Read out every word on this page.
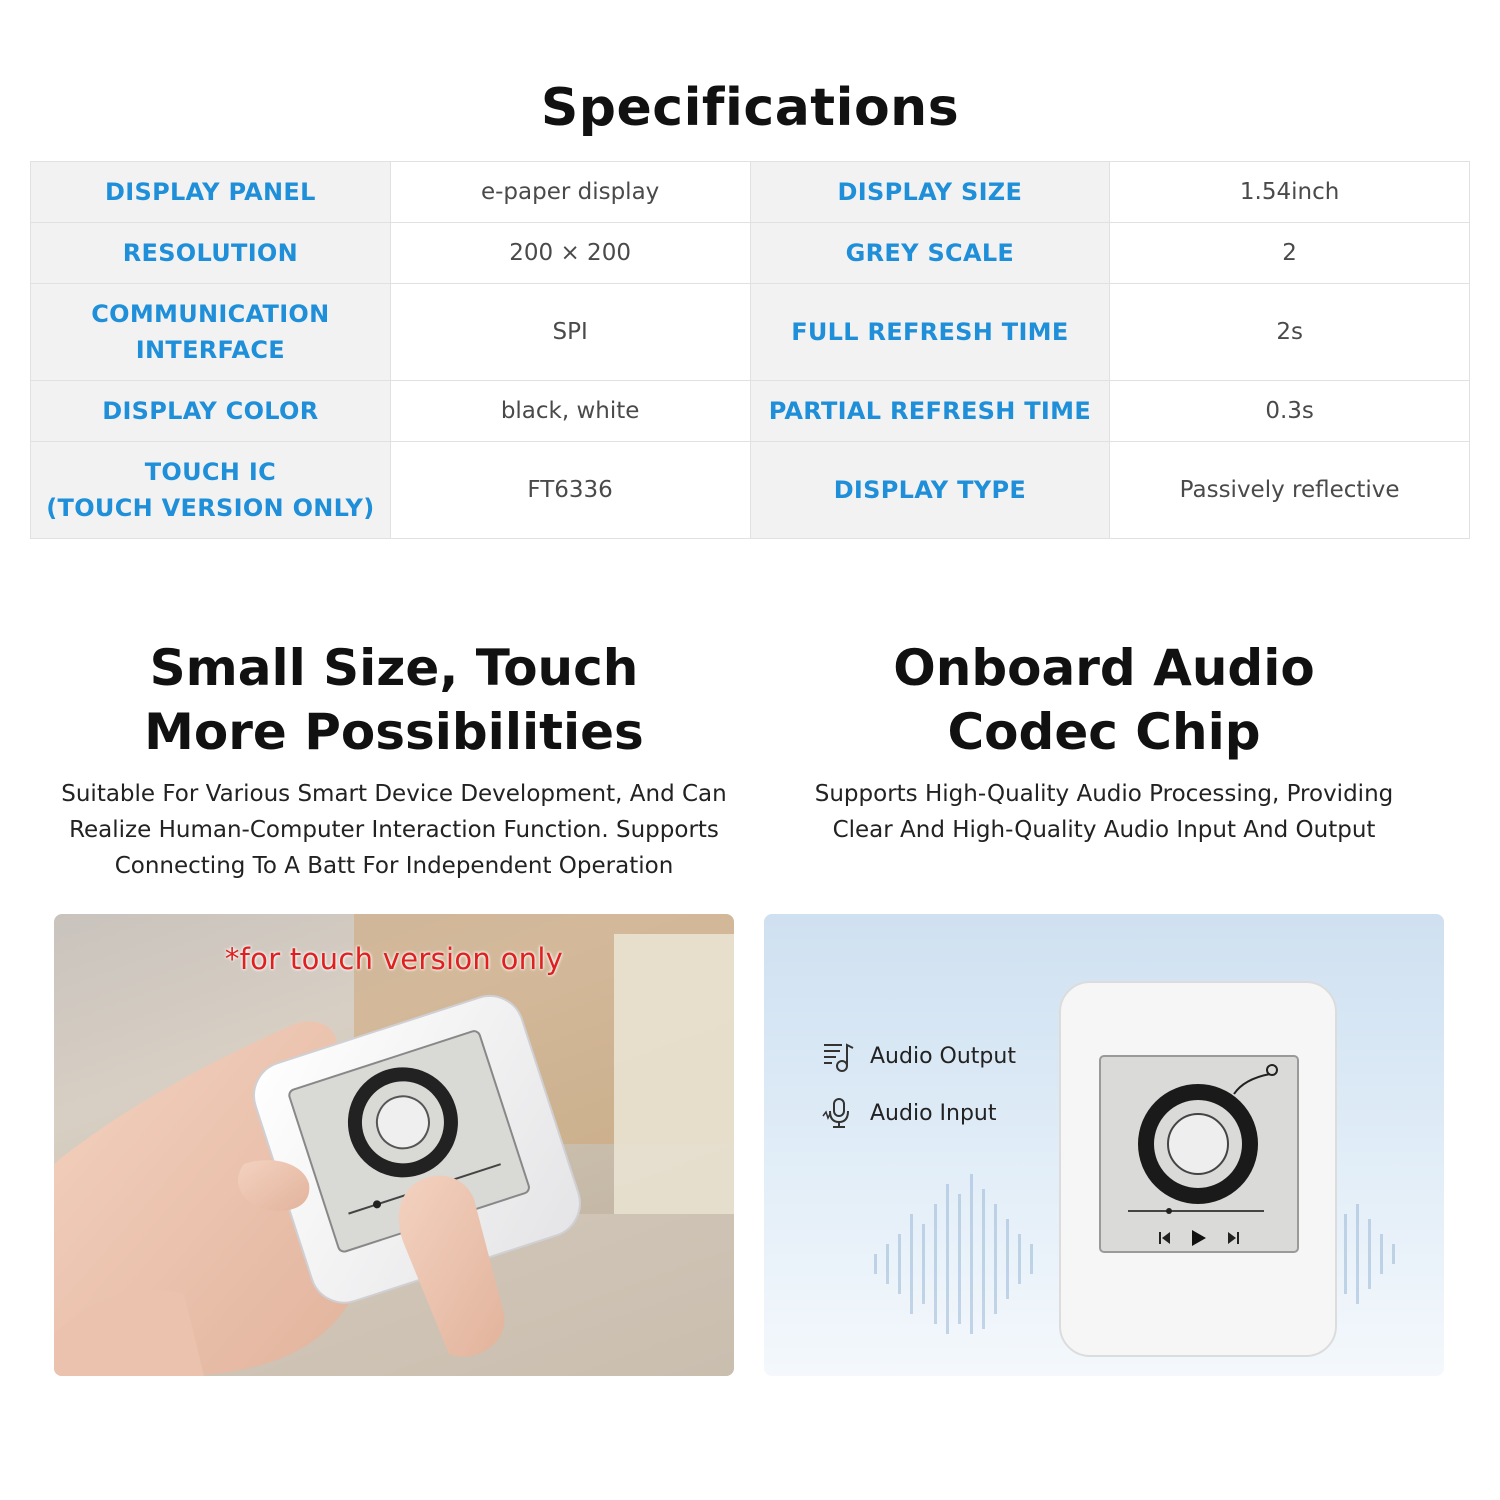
Specifications
DISPLAY PANEL	e-paper display	DISPLAY SIZE	1.54inch
RESOLUTION	200 × 200	GREY SCALE	2

COMMUNICATION
INTERFACE	SPI	FULL REFRESH TIME	2s
DISPLAY COLOR	black, white	PARTIAL REFRESH TIME	0.3s

TOUCH IC
(TOUCH VERSION ONLY)	FT6336	DISPLAY TYPE	Passively reflective
Small Size, Touch
More Possibilities
Suitable For Various Smart Device Development, And Can
Realize Human-Computer Interaction Function. Supports
Connecting To A Batt For Independent Operation
Onboard Audio
Codec Chip
Supports High-Quality Audio Processing, Providing
Clear And High-Quality Audio Input And Output
*for touch version only
Audio Output
Audio Input
